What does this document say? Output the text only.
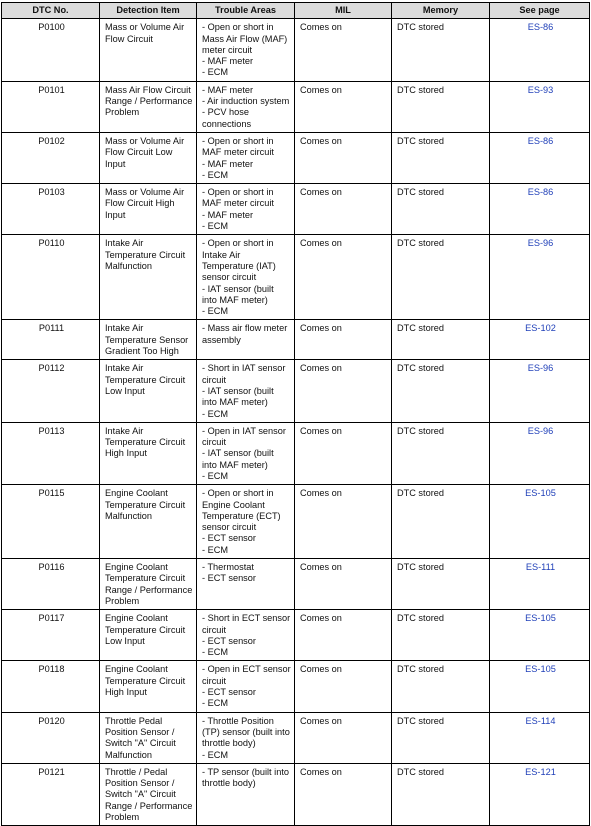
DTC No.	Detection Item	Trouble Areas	MIL	Memory	See page
P0100	Mass or Volume Air Flow Circuit	- Open or short in Mass Air Flow (MAF) meter circuit
- MAF meter
- ECM	Comes on	DTC stored	ES-86
P0101	Mass Air Flow Circuit Range / Performance Problem	- MAF meter
- Air induction system
- PCV hose connections	Comes on	DTC stored	ES-93
P0102	Mass or Volume Air Flow Circuit Low Input	- Open or short in MAF meter circuit
- MAF meter
- ECM	Comes on	DTC stored	ES-86
P0103	Mass or Volume Air Flow Circuit High Input	- Open or short in MAF meter circuit
- MAF meter
- ECM	Comes on	DTC stored	ES-86
P0110	Intake Air Temperature Circuit Malfunction	- Open or short in Intake Air Temperature (IAT) sensor circuit
- IAT sensor (built into MAF meter)
- ECM	Comes on	DTC stored	ES-96
P0111	Intake Air Temperature Sensor Gradient Too High	- Mass air flow meter assembly	Comes on	DTC stored	ES-102
P0112	Intake Air Temperature Circuit Low Input	- Short in IAT sensor circuit
- IAT sensor (built into MAF meter)
- ECM	Comes on	DTC stored	ES-96
P0113	Intake Air Temperature Circuit High Input	- Open in IAT sensor circuit
- IAT sensor (built into MAF meter)
- ECM	Comes on	DTC stored	ES-96
P0115	Engine Coolant Temperature Circuit Malfunction	- Open or short in Engine Coolant Temperature (ECT) sensor circuit
- ECT sensor
- ECM	Comes on	DTC stored	ES-105
P0116	Engine Coolant Temperature Circuit Range / Performance Problem	- Thermostat
- ECT sensor	Comes on	DTC stored	ES-111
P0117	Engine Coolant Temperature Circuit Low Input	- Short in ECT sensor circuit
- ECT sensor
- ECM	Comes on	DTC stored	ES-105
P0118	Engine Coolant Temperature Circuit High Input	- Open in ECT sensor circuit
- ECT sensor
- ECM	Comes on	DTC stored	ES-105
P0120	Throttle Pedal Position Sensor / Switch "A" Circuit Malfunction	- Throttle Position (TP) sensor (built into throttle body)
- ECM	Comes on	DTC stored	ES-114
P0121	Throttle / Pedal Position Sensor / Switch "A" Circuit Range / Performance Problem	- TP sensor (built into throttle body)	Comes on	DTC stored	ES-121
